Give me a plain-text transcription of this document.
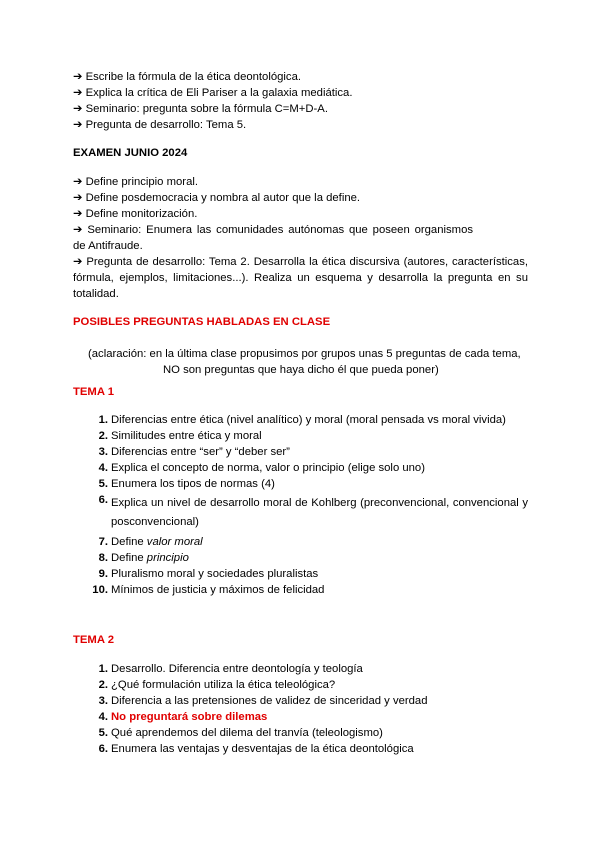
➔ Escribe la fórmula de la ética deontológica.
➔ Explica la crítica de Eli Pariser a la galaxia mediática.
➔ Seminario: pregunta sobre la fórmula C=M+D-A.
➔ Pregunta de desarrollo: Tema 5.
EXAMEN JUNIO 2024
➔ Define principio moral.
➔ Define posdemocracia y nombra al autor que la define.
➔ Define monitorización.
➔ Seminario: Enumera las comunidades autónomas que poseen organismos de Antifraude.
➔ Pregunta de desarrollo: Tema 2. Desarrolla la ética discursiva (autores, características, fórmula, ejemplos, limitaciones...). Realiza un esquema y desarrolla la pregunta en su totalidad.
POSIBLES PREGUNTAS HABLADAS EN CLASE
(aclaración: en la última clase propusimos por grupos unas 5 preguntas de cada tema,
NO son preguntas que haya dicho él que pueda poner)
TEMA 1
1. Diferencias entre ética (nivel analítico) y moral (moral pensada vs moral vivida)
2. Similitudes entre ética y moral
3. Diferencias entre “ser” y “deber ser”
4. Explica el concepto de norma, valor o principio (elige solo uno)
5. Enumera los tipos de normas (4)
6. Explica un nivel de desarrollo moral de Kohlberg (preconvencional, convencional y posconvencional)
7. Define valor moral
8. Define principio
9. Pluralismo moral y sociedades pluralistas
10. Mínimos de justicia y máximos de felicidad
TEMA 2
1. Desarrollo. Diferencia entre deontología y teología
2. ¿Qué formulación utiliza la ética teleológica?
3. Diferencia a las pretensiones de validez de sinceridad y verdad
4. No preguntará sobre dilemas
5. Qué aprendemos del dilema del tranvía (teleologismo)
6. Enumera las ventajas y desventajas de la ética deontológica
